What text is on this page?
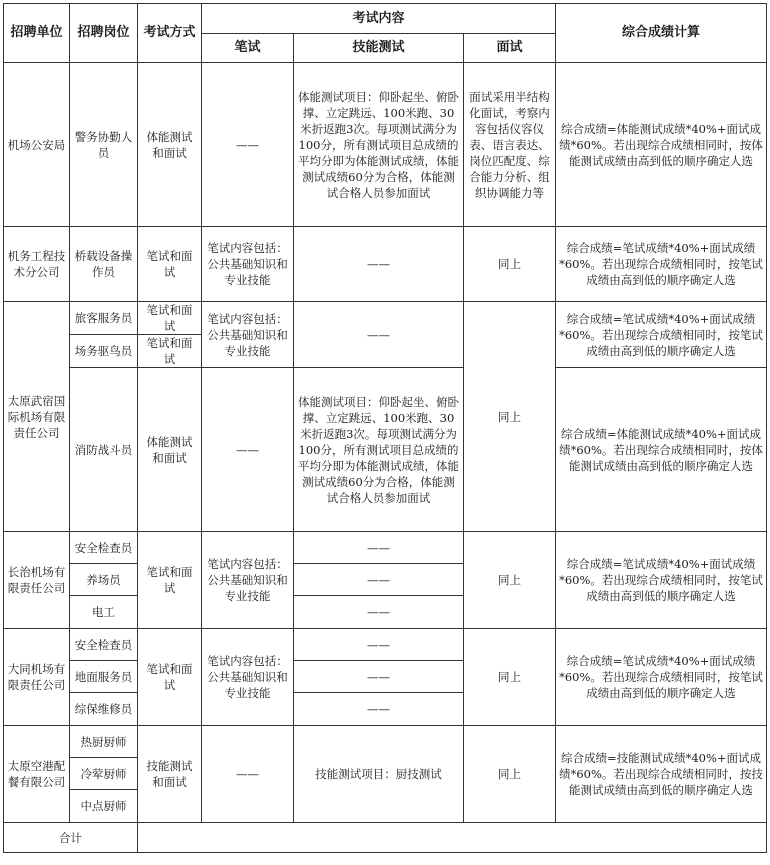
招聘单位	招聘岗位	考试方式	考试内容			综合成绩计算
			笔试	技能测试	面试	
机场公安局	警务协勤人员	体能测试和面试	——	体能测试项目：仰卧起坐、俯卧撑、立定跳远、100米跑、30米折返跑3次。每项测试满分为100分，所有测试项目总成绩的平均分即为体能测试成绩，体能测试成绩60分为合格，体能测试合格人员参加面试	面试采用半结构化面试，考察内容包括仪容仪表、语言表达、岗位匹配度、综合能力分析、组织协调能力等	综合成绩=体能测试成绩*40%+面试成绩*60%。若出现综合成绩相同时，按体能测试成绩由高到低的顺序确定人选
机务工程技术分公司	桥载设备操作员	笔试和面试	笔试内容包括：公共基础知识和专业技能	——	同上	综合成绩=笔试成绩*40%+面试成绩*60%。若出现综合成绩相同时，按笔试成绩由高到低的顺序确定人选
太原武宿国际机场有限责任公司	旅客服务员	笔试和面试	笔试内容包括：公共基础知识和专业技能	——	同上	综合成绩=笔试成绩*40%+面试成绩*60%。若出现综合成绩相同时，按笔试成绩由高到低的顺序确定人选
	场务驱鸟员	笔试和面试				
	消防战斗员	体能测试和面试	——	体能测试项目：仰卧起坐、俯卧撑、立定跳远、100米跑、30米折返跑3次。每项测试满分为100分，所有测试项目总成绩的平均分即为体能测试成绩，体能测试成绩60分为合格，体能测试合格人员参加面试		综合成绩=体能测试成绩*40%+面试成绩*60%。若出现综合成绩相同时，按体能测试成绩由高到低的顺序确定人选
长治机场有限责任公司	安全检查员	笔试和面试	笔试内容包括：公共基础知识和专业技能	——	同上	综合成绩=笔试成绩*40%+面试成绩*60%。若出现综合成绩相同时，按笔试成绩由高到低的顺序确定人选
	养场员			——		
	电工			——		
大同机场有限责任公司	安全检查员	笔试和面试	笔试内容包括：公共基础知识和专业技能	——	同上	综合成绩=笔试成绩*40%+面试成绩*60%。若出现综合成绩相同时，按笔试成绩由高到低的顺序确定人选
	地面服务员			——		
	综保维修员			——		
太原空港配餐有限公司	热厨厨师	技能测试和面试	——	技能测试项目：厨技测试	同上	综合成绩=技能测试成绩*40%+面试成绩*60%。若出现综合成绩相同时，按技能测试成绩由高到低的顺序确定人选
	冷荤厨师					
	中点厨师					
合计						
